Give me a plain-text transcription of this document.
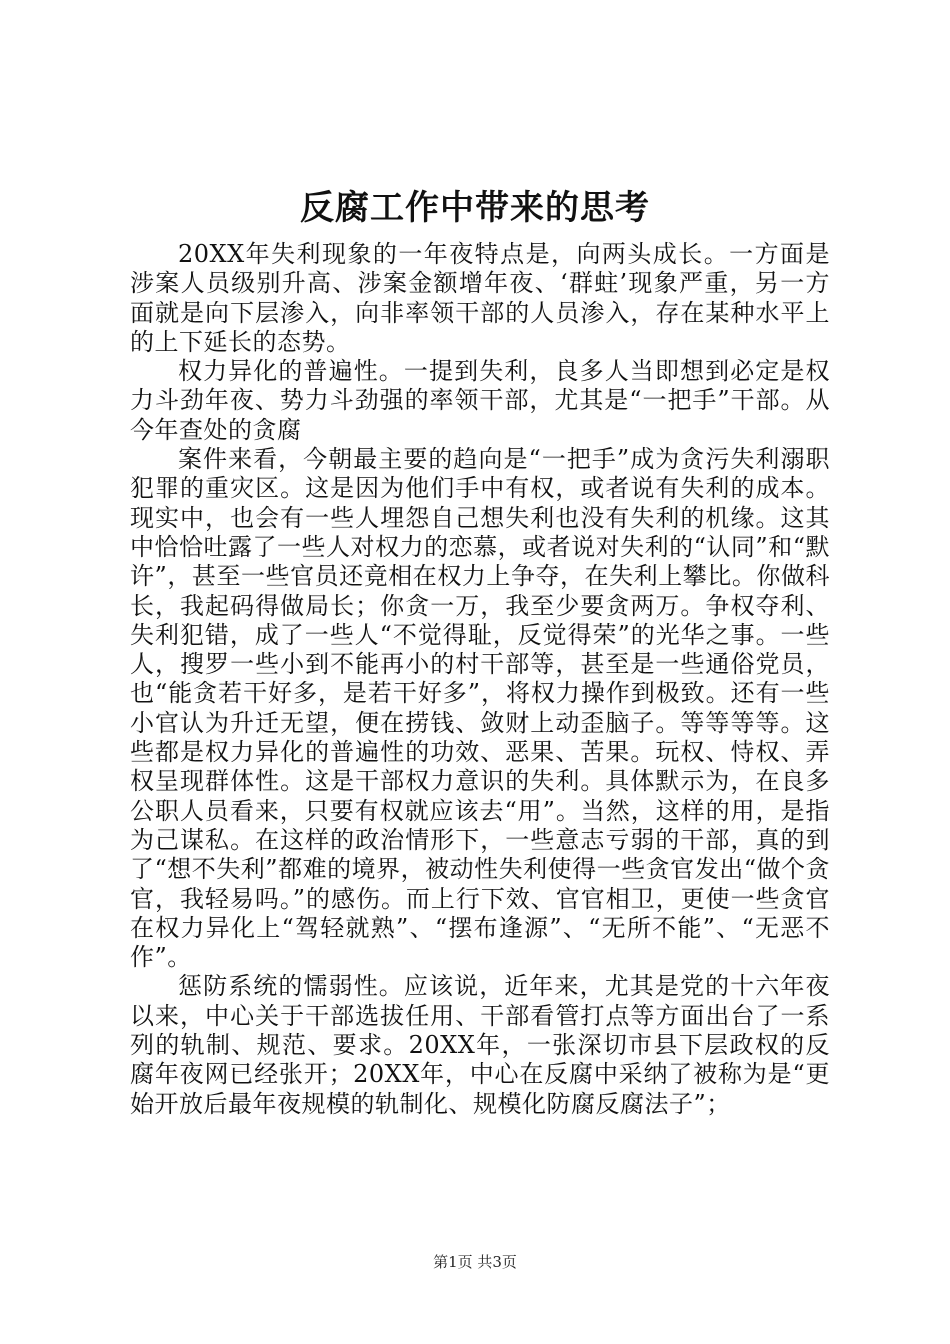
反腐工作中带来的思考

20XX年失利现象的一年夜特点是，向两头成长。一方面是涉案人员级别升高、涉案金额增年夜、‘群蛀’现象严重，另一方面就是向下层渗入，向非率领干部的人员渗入，存在某种水平上的上下延长的态势。

权力异化的普遍性。一提到失利，良多人当即想到必定是权力斗劲年夜、势力斗劲强的率领干部，尤其是“一把手”干部。从今年查处的贪腐

案件来看，今朝最主要的趋向是“一把手”成为贪污失利溺职犯罪的重灾区。这是因为他们手中有权，或者说有失利的成本。现实中，也会有一些人埋怨自己想失利也没有失利的机缘。这其中恰恰吐露了一些人对权力的恋慕，或者说对失利的“认同”和“默许”，甚至一些官员还竟相在权力上争夺，在失利上攀比。你做科长，我起码得做局长；你贪一万，我至少要贪两万。争权夺利、失利犯错，成了一些人“不觉得耻，反觉得荣”的光华之事。一些人，搜罗一些小到不能再小的村干部等，甚至是一些通俗党员，也“能贪若干好多，是若干好多”，将权力操作到极致。还有一些小官认为升迁无望，便在捞钱、敛财上动歪脑子。等等等等。这些都是权力异化的普遍性的功效、恶果、苦果。玩权、恃权、弄权呈现群体性。这是干部权力意识的失利。具体默示为，在良多公职人员看来，只要有权就应该去“用”。当然，这样的用，是指为己谋私。在这样的政治情形下，一些意志亏弱的干部，真的到了“想不失利”都难的境界，被动性失利使得一些贪官发出“做个贪官，我轻易吗。”的感伤。而上行下效、官官相卫，更使一些贪官在权力异化上“驾轻就熟”、“摆布逢源”、“无所不能”、“无恶不作”。

惩防系统的懦弱性。应该说，近年来，尤其是党的十六年夜以来，中心关于干部选拔任用、干部看管打点等方面出台了一系列的轨制、规范、要求。20XX年，一张深切市县下层政权的反腐年夜网已经张开；20XX年，中心在反腐中采纳了被称为是“更始开放后最年夜规模的轨制化、规模化防腐反腐法子”；

第1页 共3页
